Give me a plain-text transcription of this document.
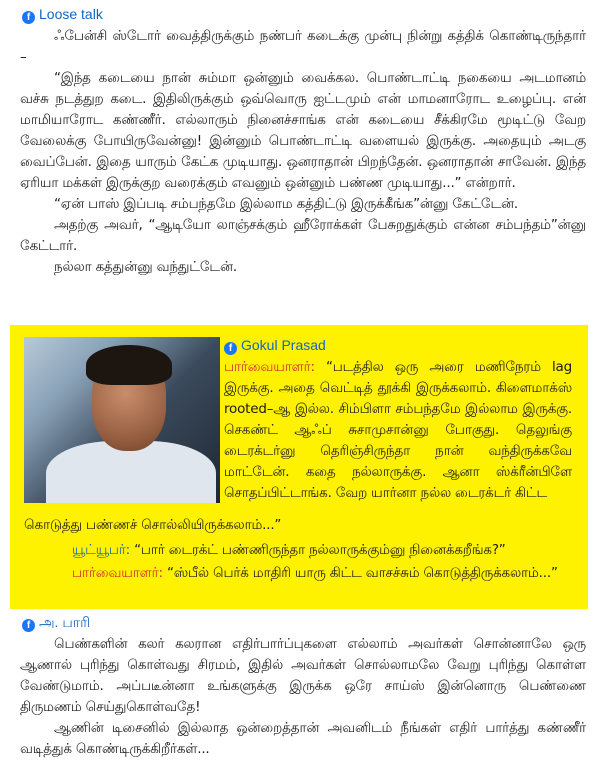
f Loose talk

ஃபேன்சி ஸ்டோர் வைத்திருக்கும் நண்பர் கடைக்கு முன்பு நின்று கத்திக் கொண்டிருந்தார் –

“இந்த கடையை நான் சும்மா ஒன்னும் வைக்கல. பொண்டாட்டி நகையை அடமானம் வச்சு நடத்துற கடை. இதிலிருக்கும் ஒவ்வொரு ஐட்டமும் என் மாமனாரோட உழைப்பு. என் மாமியாரோட கண்ணீர். எல்லாரும் நினைச்சாங்க என் கடையை சீக்கிரமே மூடிட்டு வேற வேலைக்கு போயிருவேன்னு! இன்னும் பொண்டாட்டி வளையல் இருக்கு. அதையும் அடகு வைப்பேன். இதை யாரும் கேட்க முடியாது. ஒனராதான் பிறந்தேன். ஒனராதான் சாவேன். இந்த ஏரியா மக்கள் இருக்குற வரைக்கும் எவனும் ஒன்னும் பண்ண முடியாது...” என்றார்.

“ஏன் பாஸ் இப்படி சம்பந்தமே இல்லாம கத்திட்டு இருக்கீங்க”ன்னு கேட்டேன்.

அதற்கு அவர், “ஆடியோ லாஞ்சக்கும் ஹீரோக்கள் பேசுறதுக்கும் என்ன சம்பந்தம்”ன்னு கேட்டார்.

நல்லா கத்துன்னு வந்துட்டேன்.

f Gokul Prasad

பார்வையாளர்: “படத்தில ஒரு அரை மணிநேரம் lag இருக்கு. அதை வெட்டித் தூக்கி இருக்கலாம். கிளைமாக்ஸ் rooted–ஆ இல்ல. சிம்பிளா சம்பந்தமே இல்லாம இருக்கு. செகண்ட் ஆஃப் சுசாமுசான்னு போகுது. தெலுங்கு டைரக்டர்னு தெரிஞ்சிருந்தா நான் வந்திருக்கவே மாட்டேன். கதை நல்லாருக்கு. ஆனா ஸ்க்ரீன்பிளே சொதப்பிட்டாங்க. வேற யார்னா நல்ல டைரக்டர் கிட்ட

கொடுத்து பண்ணச் சொல்லியிருக்கலாம்...”

யூட்யூபர்: “பார் டைரக்ட் பண்ணிருந்தா நல்லாருக்கும்னு நினைக்கறீங்க?”

பார்வையாளர்: “ஸ்பீல் பெர்க் மாதிரி யாரு கிட்ட வாசச்சும் கொடுத்திருக்கலாம்...”

f அ. பாரி

பெண்களின் கலர் கலரான எதிர்பார்ப்புகளை எல்லாம் அவர்கள் சொன்னாலே ஒரு ஆணால் புரிந்து கொள்வது சிரமம், இதில் அவர்கள் சொல்லாமலே வேறு புரிந்து கொள்ள வேண்டுமாம். அப்படீன்னா உங்களுக்கு இருக்க ஒரே சாய்ஸ் இன்னொரு பெண்ணை திருமணம் செய்துகொள்வதே!

ஆணின் டிசைனில் இல்லாத ஒன்றைத்தான் அவனிடம் நீங்கள் எதிர் பார்த்து கண்ணீர் வடித்துக் கொண்டிருக்கிறீர்கள்...
